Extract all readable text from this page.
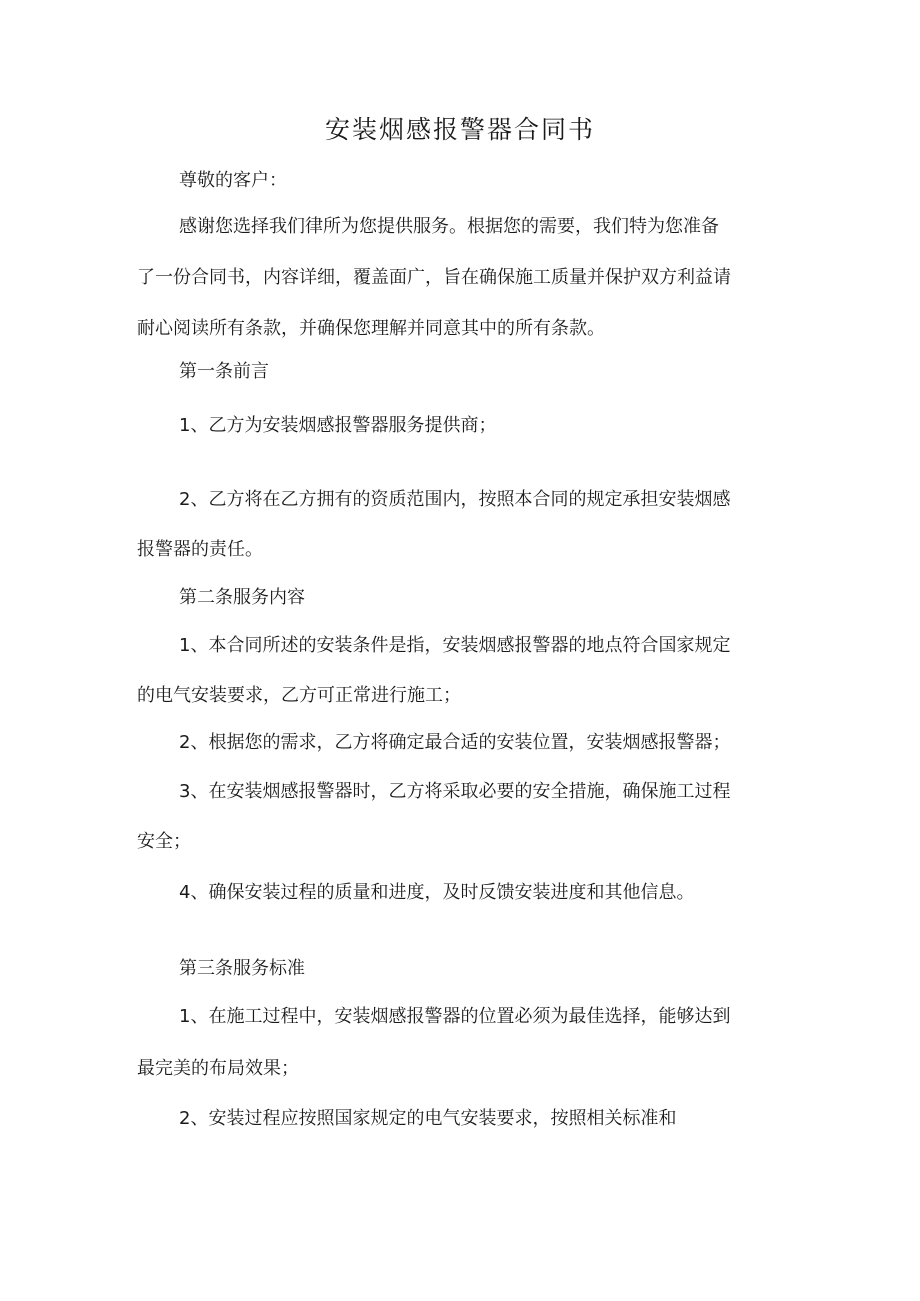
安装烟感报警器合同书

尊敬的客户：

感谢您选择我们律所为您提供服务。根据您的需要，我们特为您准备
了一份合同书，内容详细，覆盖面广，旨在确保施工质量并保护双方利益请
耐心阅读所有条款，并确保您理解并同意其中的所有条款。

第一条前言

1、乙方为安装烟感报警器服务提供商；

2、乙方将在乙方拥有的资质范围内，按照本合同的规定承担安装烟感
报警器的责任。

第二条服务内容

1、本合同所述的安装条件是指，安装烟感报警器的地点符合国家规定
的电气安装要求，乙方可正常进行施工；

2、根据您的需求，乙方将确定最合适的安装位置，安装烟感报警器；

3、在安装烟感报警器时，乙方将采取必要的安全措施，确保施工过程
安全；

4、确保安装过程的质量和进度，及时反馈安装进度和其他信息。

第三条服务标准

1、在施工过程中，安装烟感报警器的位置必须为最佳选择，能够达到
最完美的布局效果；

2、安装过程应按照国家规定的电气安装要求，按照相关标准和
